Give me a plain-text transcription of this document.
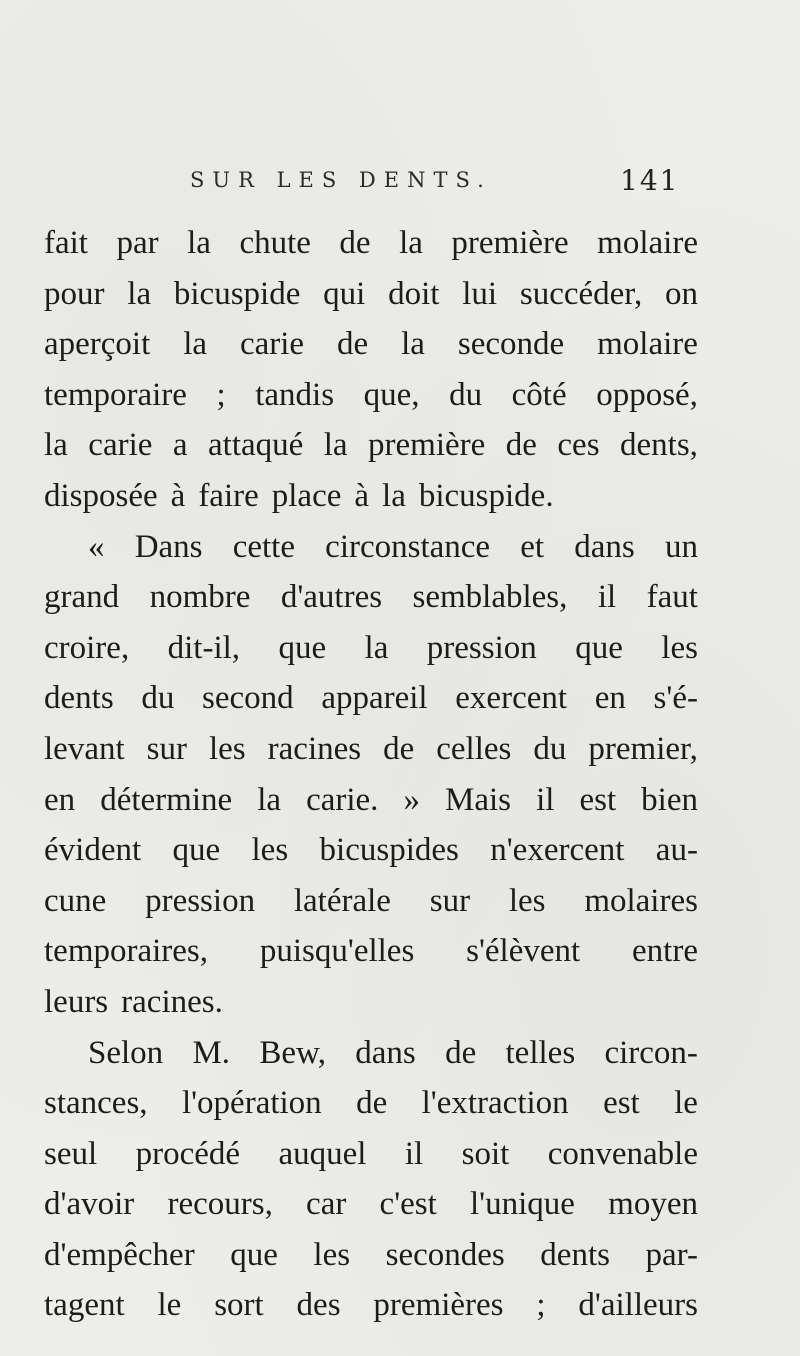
SUR LES DENTS.	141
fait par la chute de la première molaire
pour la bicuspide qui doit lui succéder, on
aperçoit la carie de la seconde molaire
temporaire ; tandis que, du côté opposé,
la carie a attaqué la première de ces dents,
disposée à faire place à la bicuspide.
« Dans cette circonstance et dans un
grand nombre d'autres semblables, il faut
croire, dit-il, que la pression que les
dents du second appareil exercent en s'é-
levant sur les racines de celles du premier,
en détermine la carie. » Mais il est bien
évident que les bicuspides n'exercent au-
cune pression latérale sur les molaires
temporaires, puisqu'elles s'élèvent entre
leurs racines.
Selon M. Bew, dans de telles circon-
stances, l'opération de l'extraction est le
seul procédé auquel il soit convenable
d'avoir recours, car c'est l'unique moyen
d'empêcher que les secondes dents par-
tagent le sort des premières ; d'ailleurs
